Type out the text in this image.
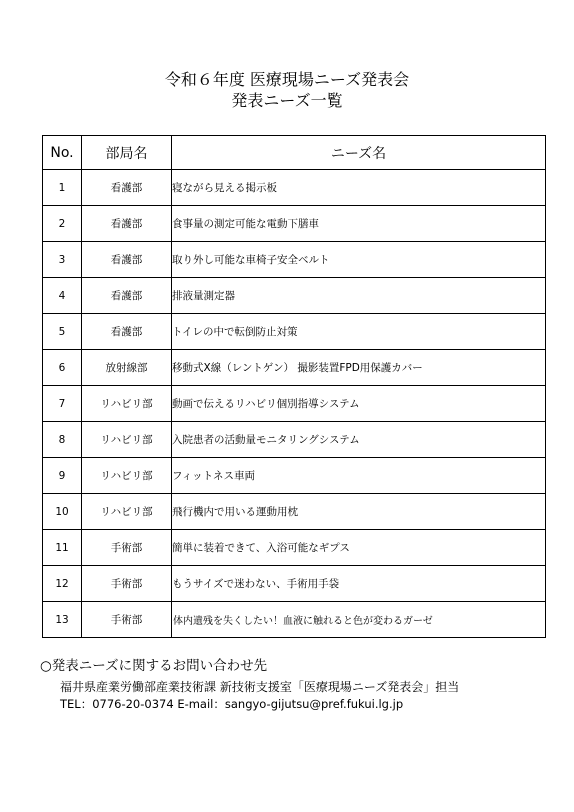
令和６年度 医療現場ニーズ発表会
発表ニーズ一覧
No.	部局名	ニーズ名
1	看護部	寝ながら見える掲示板
2	看護部	食事量の測定可能な電動下膳車
3	看護部	取り外し可能な車椅子安全ベルト
4	看護部	排液量測定器
5	看護部	トイレの中で転倒防止対策
6	放射線部	移動式X線（レントゲン） 撮影装置FPD用保護カバー
7	リハビリ部	動画で伝えるリハビリ個別指導システム
8	リハビリ部	入院患者の活動量モニタリングシステム
9	リハビリ部	フィットネス車両
10	リハビリ部	飛行機内で用いる運動用枕
11	手術部	簡単に装着できて、入浴可能なギプス
12	手術部	もうサイズで迷わない、手術用手袋
13	手術部	体内遺残を失くしたい！血液に触れると色が変わるガーゼ
○発表ニーズに関するお問い合わせ先
福井県産業労働部産業技術課 新技術支援室「医療現場ニーズ発表会」担当
TEL：0776-20-0374 E-mail：sangyo-gijutsu@pref.fukui.lg.jp
